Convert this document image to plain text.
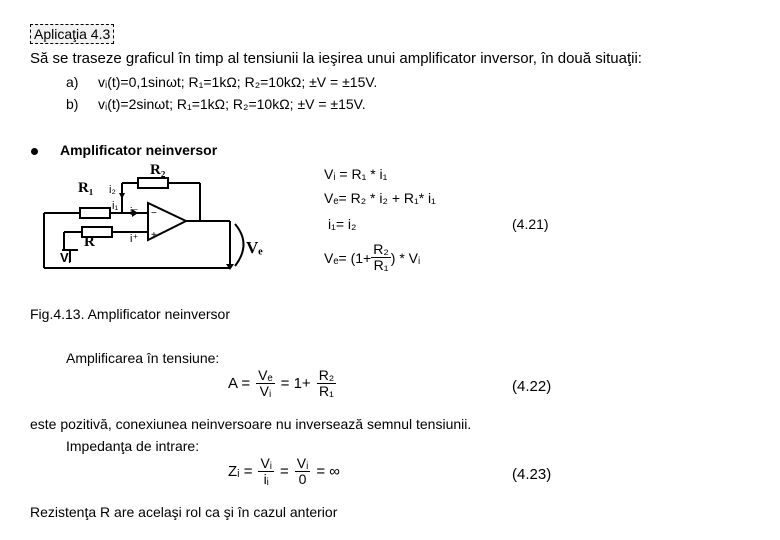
Aplicaţia 4.3
Să se traseze graficul în timp al tensiunii la ieşirea unui amplificator inversor, în două situaţii:
a) vᵢ(t)=0,1sinωt; R₁=1kΩ; R₂=10kΩ; ±V = ±15V.
b) vᵢ(t)=2sinωt; R₁=1kΩ; R₂=10kΩ; ±V = ±15V.
Amplificator neinversor
−
+
R₁
R₂
R
i₂
i₁ i⁻
i⁺
Vᵢ
Vₑ
Vᵢ = R₁ * i₁
Vₑ= R₂ * i₂ + R₁* i₁
i₁= i₂	(4.21)
$V_e= (1+ \frac{\text{R₂}}{\text{R₁}}$ ) * Vᵢ
Fig.4.13. Amplificator neinversor
Amplificarea în tensiune:
$A = \frac{\text{Vₑ}}{\text{Vᵢ}} = 1+ \frac{\text{R₂}}{\text{R₁}}$	(4.22)
este pozitivă, conexiunea neinversoare nu inversează semnul tensiunii.
Impedanţa de intrare:
Zᵢ = $\frac{\text{Vᵢ}}{\text{iᵢ}} = \frac{\text{Vᵢ}}{0}$ = ∞	(4.23)
Rezistenţa R are acelaşi rol ca şi în cazul anterior
